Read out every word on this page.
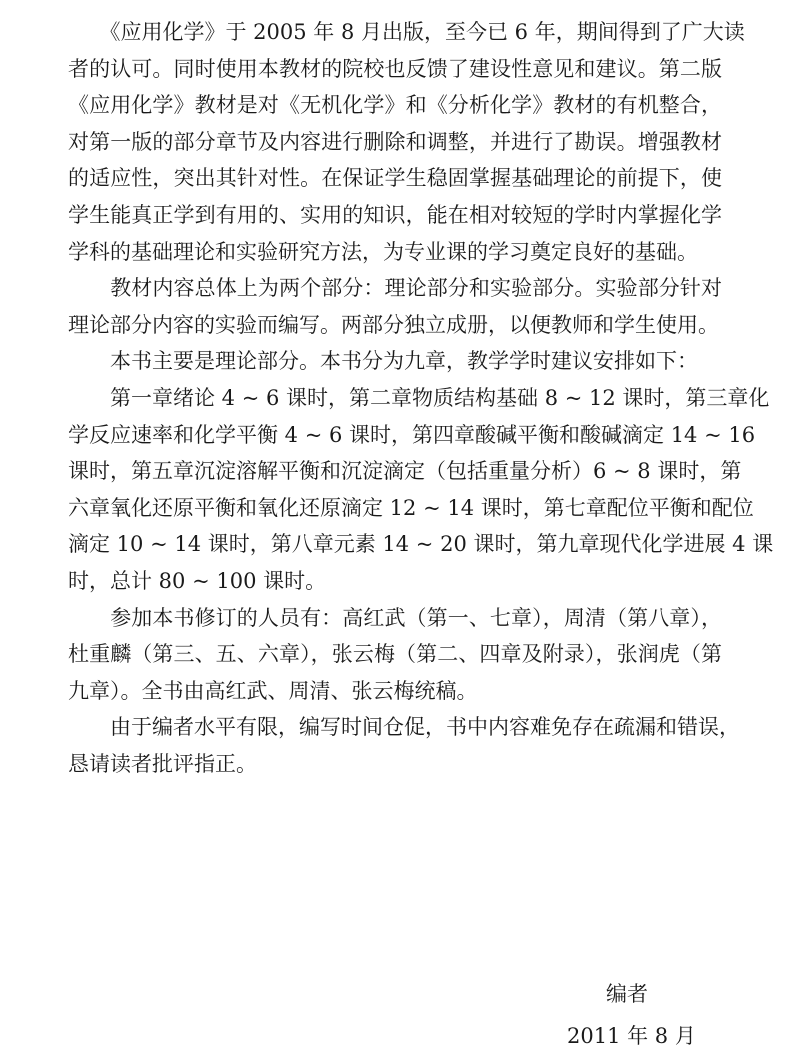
　　《应用化学》于 2005 年 8 月出版，至今已 6 年，期间得到了广大读
者的认可。同时使用本教材的院校也反馈了建设性意见和建议。第二版
《应用化学》教材是对《无机化学》和《分析化学》教材的有机整合，
对第一版的部分章节及内容进行删除和调整，并进行了勘误。增强教材
的适应性，突出其针对性。在保证学生稳固掌握基础理论的前提下，使
学生能真正学到有用的、实用的知识，能在相对较短的学时内掌握化学
学科的基础理论和实验研究方法，为专业课的学习奠定良好的基础。
　　教材内容总体上为两个部分：理论部分和实验部分。实验部分针对
理论部分内容的实验而编写。两部分独立成册，以便教师和学生使用。
　　本书主要是理论部分。本书分为九章，教学学时建议安排如下：
　　第一章绪论 4 ~ 6 课时，第二章物质结构基础 8 ~ 12 课时，第三章化
学反应速率和化学平衡 4 ~ 6 课时，第四章酸碱平衡和酸碱滴定 14 ~ 16
课时，第五章沉淀溶解平衡和沉淀滴定（包括重量分析）6 ~ 8 课时，第
六章氧化还原平衡和氧化还原滴定 12 ~ 14 课时，第七章配位平衡和配位
滴定 10 ~ 14 课时，第八章元素 14 ~ 20 课时，第九章现代化学进展 4 课
时，总计 80 ~ 100 课时。
　　参加本书修订的人员有：高红武（第一、七章），周清（第八章），
杜重麟（第三、五、六章），张云梅（第二、四章及附录），张润虎（第
九章）。全书由高红武、周清、张云梅统稿。
　　由于编者水平有限，编写时间仓促，书中内容难免存在疏漏和错误，
恳请读者批评指正。
编者
2011 年 8 月
